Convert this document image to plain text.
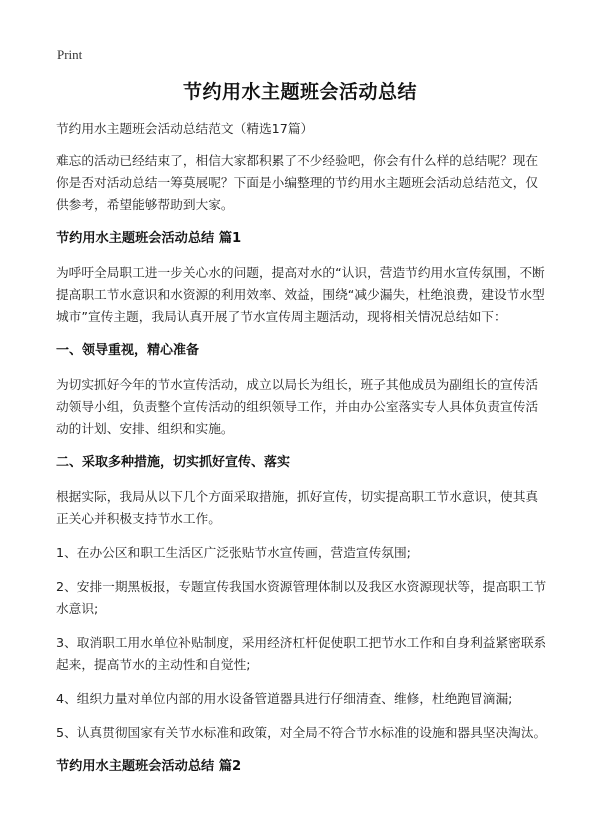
Print
节约用水主题班会活动总结

节约用水主题班会活动总结范文（精选17篇）

难忘的活动已经结束了，相信大家都积累了不少经验吧，你会有什么样的总结呢？现在你是否对活动总结一筹莫展呢？下面是小编整理的节约用水主题班会活动总结范文，仅供参考，希望能够帮助到大家。

节约用水主题班会活动总结 篇1

为呼吁全局职工进一步关心水的问题，提高对水的“认识，营造节约用水宣传氛围，不断提高职工节水意识和水资源的利用效率、效益，围绕“减少漏失，杜绝浪费，建设节水型城市”宣传主题，我局认真开展了节水宣传周主题活动，现将相关情况总结如下：

一、领导重视，精心准备

为切实抓好今年的节水宣传活动，成立以局长为组长，班子其他成员为副组长的宣传活动领导小组，负责整个宣传活动的组织领导工作，并由办公室落实专人具体负责宣传活动的计划、安排、组织和实施。

二、采取多种措施，切实抓好宣传、落实

根据实际，我局从以下几个方面采取措施，抓好宣传，切实提高职工节水意识，使其真正关心并积极支持节水工作。

1、在办公区和职工生活区广泛张贴节水宣传画，营造宣传氛围;

2、安排一期黑板报，专题宣传我国水资源管理体制以及我区水资源现状等，提高职工节水意识;

3、取消职工用水单位补贴制度，采用经济杠杆促使职工把节水工作和自身利益紧密联系起来，提高节水的主动性和自觉性;

4、组织力量对单位内部的用水设备管道器具进行仔细清查、维修，杜绝跑冒滴漏;

5、认真贯彻国家有关节水标准和政策，对全局不符合节水标准的设施和器具坚决淘汰。

节约用水主题班会活动总结 篇2
